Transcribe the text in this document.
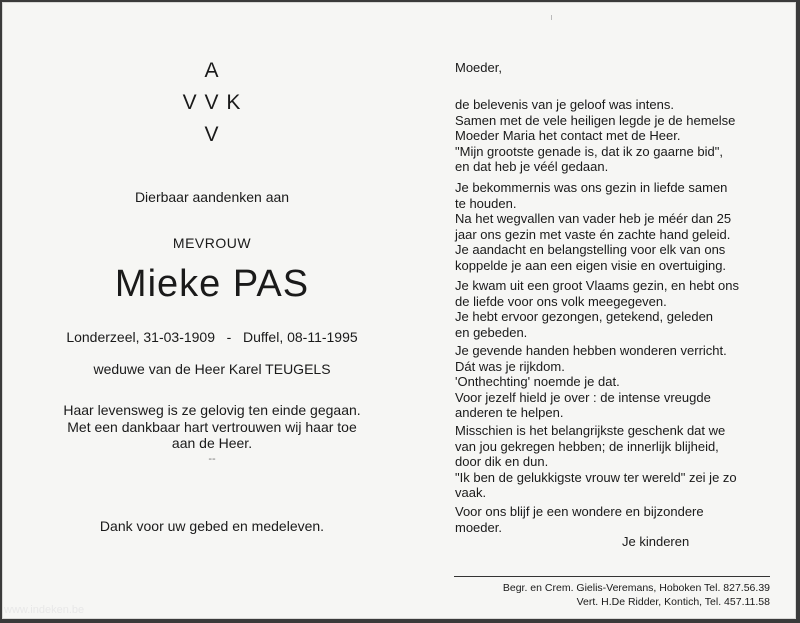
A
V V K
V
Dierbaar aandenken aan
MEVROUW
Mieke PAS
Londerzeel, 31-03-1909   -   Duffel, 08-11-1995
weduwe van de Heer Karel TEUGELS
Haar levensweg is ze gelovig ten einde gegaan.
Met een dankbaar hart vertrouwen wij haar toe
aan de Heer.
--
Dank voor uw gebed en medeleven.
Moeder,
de belevenis van je geloof was intens.
Samen met de vele heiligen legde je de hemelse
Moeder Maria het contact met de Heer.
"Mijn grootste genade is, dat ik zo gaarne bid",
en dat heb je véél gedaan.
Je bekommernis was ons gezin in liefde samen
te houden.
Na het wegvallen van vader heb je méér dan 25
jaar ons gezin met vaste én zachte hand geleid.
Je aandacht en belangstelling voor elk van ons
koppelde je aan een eigen visie en overtuiging.
Je kwam uit een groot Vlaams gezin, en hebt ons
de liefde voor ons volk meegegeven.
Je hebt ervoor gezongen, getekend, geleden
en gebeden.
Je gevende handen hebben wonderen verricht.
Dát was je rijkdom.
'Onthechting' noemde je dat.
Voor jezelf hield je over : de intense vreugde
anderen te helpen.
Misschien is het belangrijkste geschenk dat we
van jou gekregen hebben; de innerlijk blijheid,
door dik en dun.
"Ik ben de gelukkigste vrouw ter wereld" zei je zo
vaak.
Voor ons blijf je een wondere en bijzondere
moeder.
Je kinderen
Begr. en Crem. Gielis-Veremans, Hoboken Tel. 827.56.39
Vert. H.De Ridder, Kontich, Tel. 457.11.58
www.indeken.be
